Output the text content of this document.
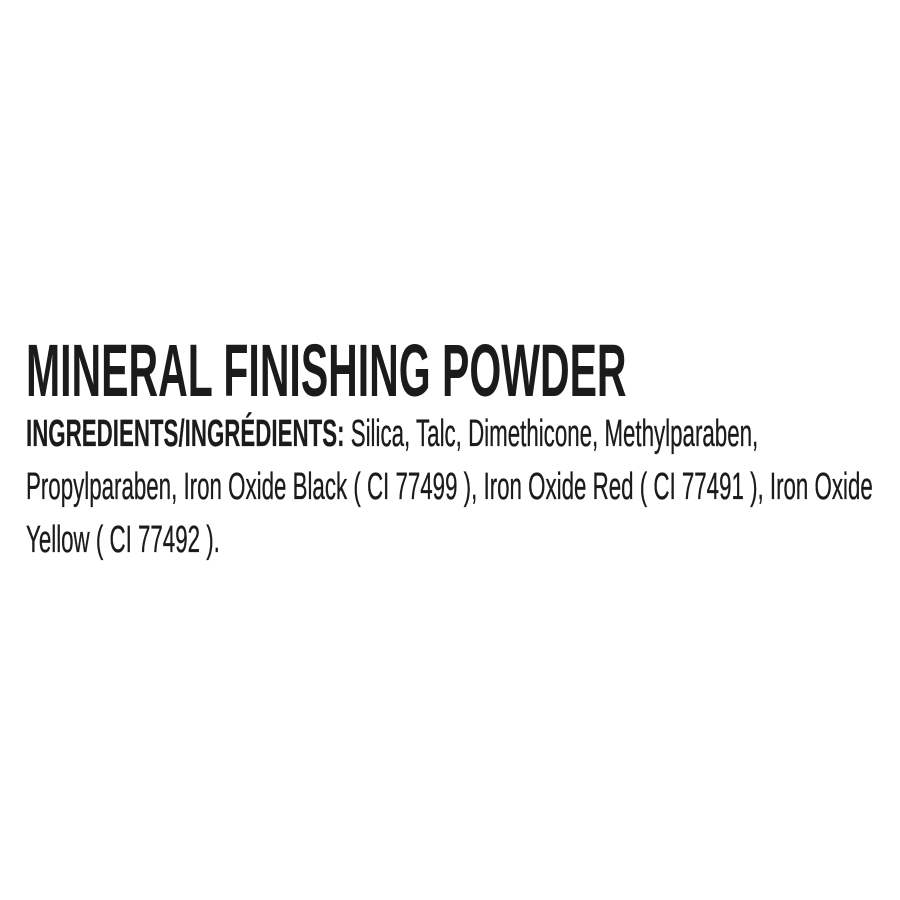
MINERAL FINISHING POWDER
INGREDIENTS/INGRÉDIENTS: Silica, Talc, Dimethicone, Methylparaben,
Propylparaben, Iron Oxide Black ( CI 77499 ), Iron Oxide Red ( CI 77491 ), Iron Oxide
Yellow ( CI 77492 ).
